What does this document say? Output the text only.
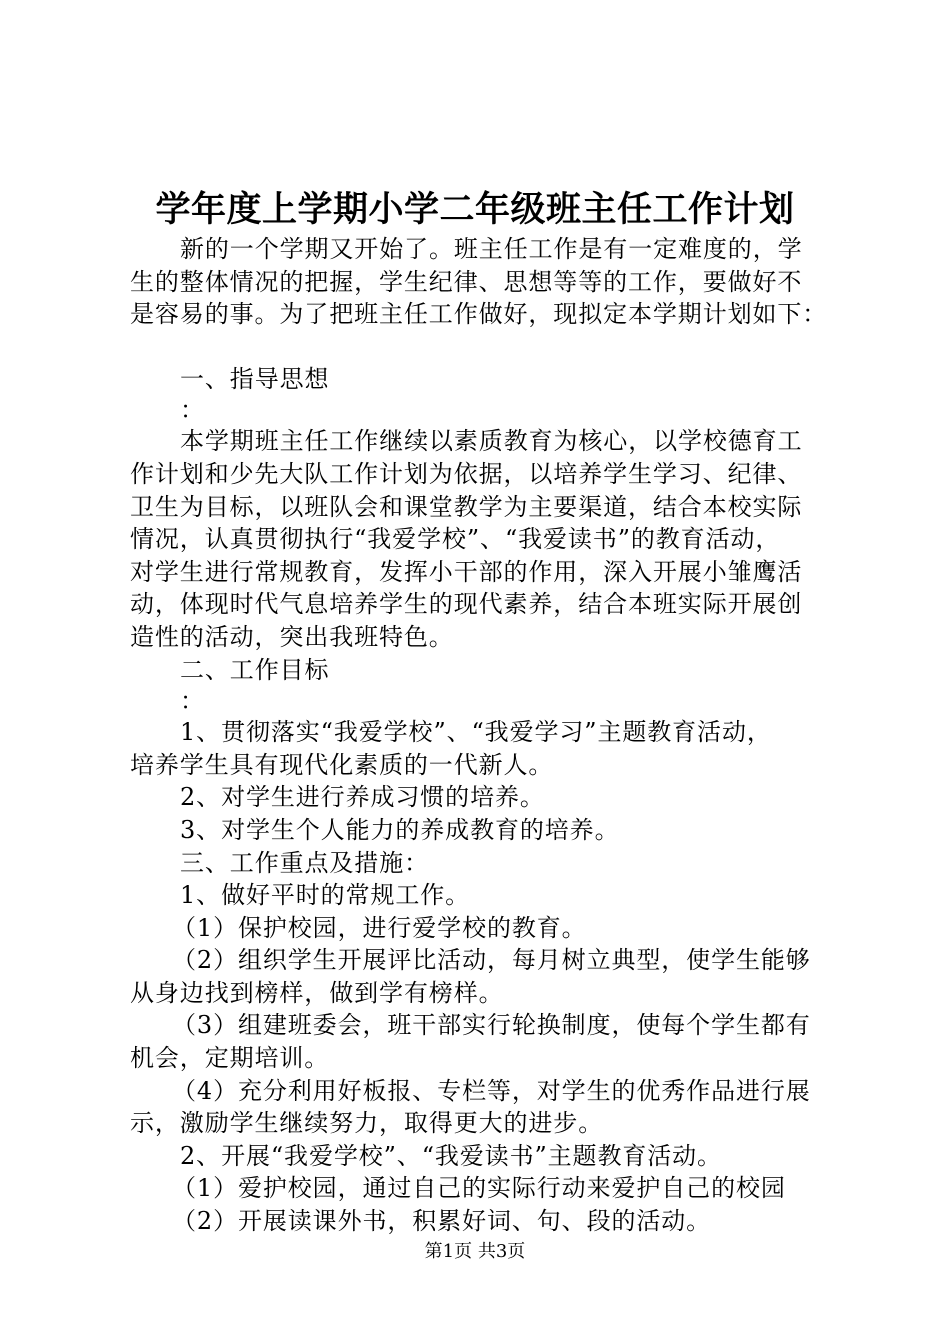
学年度上学期小学二年级班主任工作计划
新的一个学期又开始了。班主任工作是有一定难度的，学
生的整体情况的把握，学生纪律、思想等等的工作，要做好不
是容易的事。为了把班主任工作做好，现拟定本学期计划如下：
一、指导思想
：
本学期班主任工作继续以素质教育为核心，以学校德育工
作计划和少先大队工作计划为依据，以培养学生学习、纪律、
卫生为目标，以班队会和课堂教学为主要渠道，结合本校实际
情况，认真贯彻执行“我爱学校”、“我爱读书”的教育活动，
对学生进行常规教育，发挥小干部的作用，深入开展小雏鹰活
动，体现时代气息培养学生的现代素养，结合本班实际开展创
造性的活动，突出我班特色。
二、工作目标
：
1、贯彻落实“我爱学校”、“我爱学习”主题教育活动，
培养学生具有现代化素质的一代新人。
2、对学生进行养成习惯的培养。
3、对学生个人能力的养成教育的培养。
三、工作重点及措施：
1、做好平时的常规工作。
（1）保护校园，进行爱学校的教育。
（2）组织学生开展评比活动，每月树立典型，使学生能够
从身边找到榜样，做到学有榜样。
（3）组建班委会，班干部实行轮换制度，使每个学生都有
机会，定期培训。
（4）充分利用好板报、专栏等，对学生的优秀作品进行展
示，激励学生继续努力，取得更大的进步。
2、开展“我爱学校”、“我爱读书”主题教育活动。
（1）爱护校园，通过自己的实际行动来爱护自己的校园
（2）开展读课外书，积累好词、句、段的活动。
第1页 共3页
